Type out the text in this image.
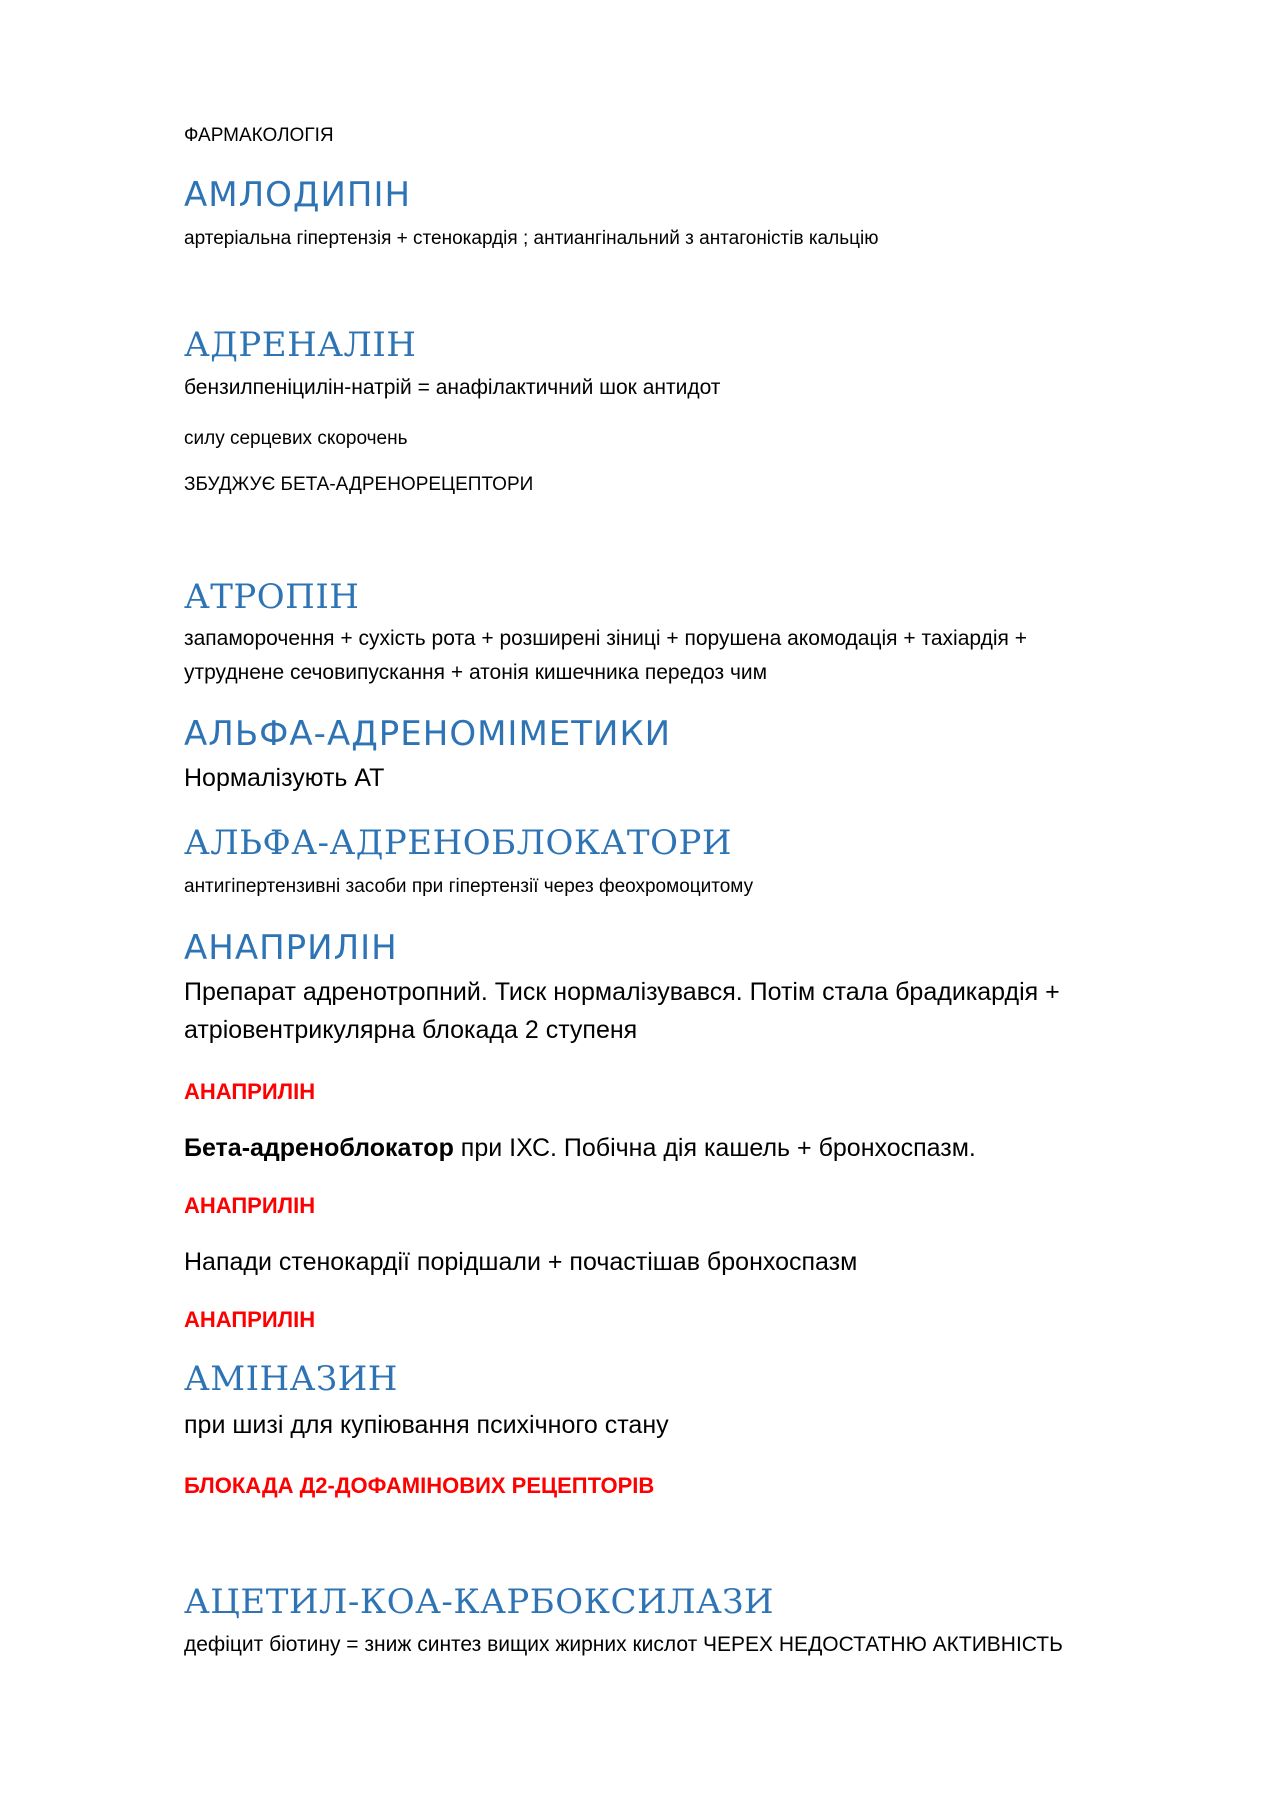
ФАРМАКОЛОГІЯ
АМЛОДИПІН
артеріальна гіпертензія + стенокардія ; антиангінальний з антагоністів кальцію
АДРЕНАЛІН
бензилпеніцилін-натрій = анафілактичний шок антидот
силу серцевих скорочень
ЗБУДЖУЄ БЕТА-АДРЕНОРЕЦЕПТОРИ
АТРОПІН
запаморочення + сухість рота + розширені зіниці + порушена акомодація + тахіардія +
утруднене сечовипускання + атонія кишечника передоз чим
АЛЬФА-АДРЕНОМІМЕТИКИ
Нормалізують АТ
АЛЬФА-АДРЕНОБЛОКАТОРИ
антигіпертензивні засоби при гіпертензії через феохромоцитому
АНАПРИЛІН
Препарат адренотропний. Тиск нормалізувався. Потім стала брадикардія +
атріовентрикулярна блокада 2 ступеня
АНАПРИЛІН
Бета-адреноблокатор при ІХС. Побічна дія кашель + бронхоспазм.
АНАПРИЛІН
Напади стенокардії порідшали + почастішав бронхоспазм
АНАПРИЛІН
АМІНАЗИН
при шизі для купіювання психічного стану
БЛОКАДА Д2-ДОФАМІНОВИХ РЕЦЕПТОРІВ
АЦЕТИЛ-КОА-КАРБОКСИЛАЗИ
дефіцит біотину = зниж синтез вищих жирних кислот ЧЕРЕХ НЕДОСТАТНЮ АКТИВНІСТЬ
